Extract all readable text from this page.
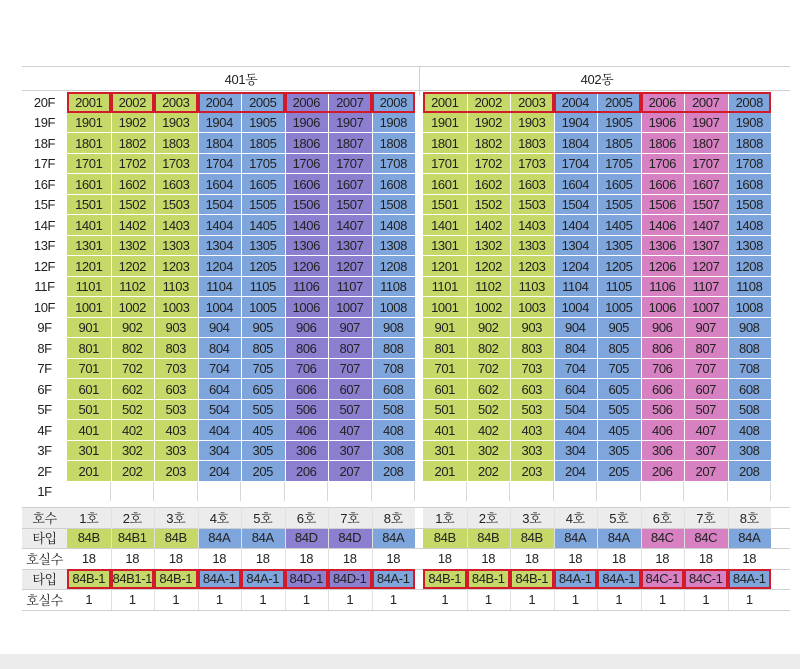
401동	402동
20F	2001	2002	2003	2004	2005	2006	2007	2008	2001	2002	2003	2004	2005	2006	2007	2008
19F	1901	1902	1903	1904	1905	1906	1907	1908	1901	1902	1903	1904	1905	1906	1907	1908
18F	1801	1802	1803	1804	1805	1806	1807	1808	1801	1802	1803	1804	1805	1806	1807	1808
17F	1701	1702	1703	1704	1705	1706	1707	1708	1701	1702	1703	1704	1705	1706	1707	1708
16F	1601	1602	1603	1604	1605	1606	1607	1608	1601	1602	1603	1604	1605	1606	1607	1608
15F	1501	1502	1503	1504	1505	1506	1507	1508	1501	1502	1503	1504	1505	1506	1507	1508
14F	1401	1402	1403	1404	1405	1406	1407	1408	1401	1402	1403	1404	1405	1406	1407	1408
13F	1301	1302	1303	1304	1305	1306	1307	1308	1301	1302	1303	1304	1305	1306	1307	1308
12F	1201	1202	1203	1204	1205	1206	1207	1208	1201	1202	1203	1204	1205	1206	1207	1208
11F	1101	1102	1103	1104	1105	1106	1107	1108	1101	1102	1103	1104	1105	1106	1107	1108
10F	1001	1002	1003	1004	1005	1006	1007	1008	1001	1002	1003	1004	1005	1006	1007	1008
9F	901	902	903	904	905	906	907	908	901	902	903	904	905	906	907	908
8F	801	802	803	804	805	806	807	808	801	802	803	804	805	806	807	808
7F	701	702	703	704	705	706	707	708	701	702	703	704	705	706	707	708
6F	601	602	603	604	605	606	607	608	601	602	603	604	605	606	607	608
5F	501	502	503	504	505	506	507	508	501	502	503	504	505	506	507	508
4F	401	402	403	404	405	406	407	408	401	402	403	404	405	406	407	408
3F	301	302	303	304	305	306	307	308	301	302	303	304	305	306	307	308
2F	201	202	203	204	205	206	207	208	201	202	203	204	205	206	207	208
1F
호수	1호	2호	3호	4호	5호	6호	7호	8호	1호	2호	3호	4호	5호	6호	7호	8호
타입	84B	84B1	84B	84A	84A	84D	84D	84A	84B	84B	84B	84A	84A	84C	84C	84A
호실수	18	18	18	18	18	18	18	18	18	18	18	18	18	18	18	18
타입	84B-1 84B1-1 84B-1 84A-1 84A-1 84D-1 84D-1 84A-1	84B-1 84B-1 84B-1 84A-1 84A-1 84C-1 84C-1 84A-1
호실수	1	1	1	1	1	1	1	1	1	1	1	1	1	1	1	1
